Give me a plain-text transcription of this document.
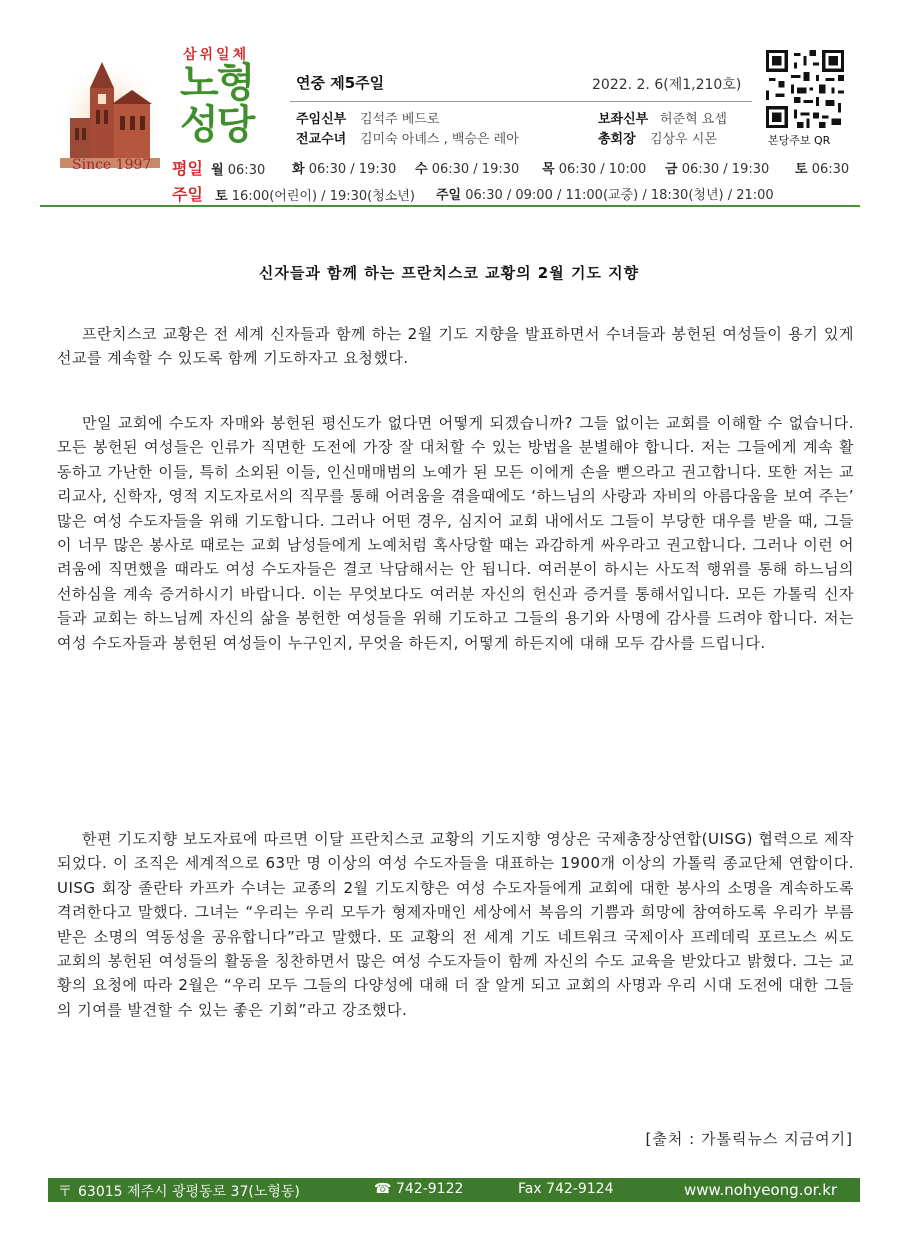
삼위일체
노형
성당
Since 1997
연중 제5주일	2022. 2. 6(제1,210호)
주임신부 김석주 베드로	보좌신부 허준혁 요셉
전교수녀 김미숙 아녜스 , 백승은 레아	총회장 김상우 시몬	본당주보 QR
평일 월 06:30 화 06:30 / 19:30 수 06:30 / 19:30 목 06:30 / 10:00 금 06:30 / 19:30 토 06:30
주일 토 16:00(어린이) / 19:30(청소년) 주일 06:30 / 09:00 / 11:00(교중) / 18:30(청년) / 21:00
신자들과 함께 하는 프란치스코 교황의 2월 기도 지향
프란치스코 교황은 전 세계 신자들과 함께 하는 2월 기도 지향을 발표하면서 수녀들과 봉헌된 여성들이 용기 있게 선교를 계속할 수 있도록 함께 기도하자고 요청했다.
만일 교회에 수도자 자매와 봉헌된 평신도가 없다면 어떻게 되겠습니까? 그들 없이는 교회를 이해할 수 없습니다. 모든 봉헌된 여성들은 인류가 직면한 도전에 가장 잘 대처할 수 있는 방법을 분별해야 합니다. 저는 그들에게 계속 활동하고 가난한 이들, 특히 소외된 이들, 인신매매범의 노예가 된 모든 이에게 손을 뻗으라고 권고합니다. 또한 저는 교리교사, 신학자, 영적 지도자로서의 직무를 통해 어려움을 겪을때에도 ‘하느님의 사랑과 자비의 아름다움을 보여 주는’ 많은 여성 수도자들을 위해 기도합니다. 그러나 어떤 경우, 심지어 교회 내에서도 그들이 부당한 대우를 받을 때, 그들이 너무 많은 봉사로 때로는 교회 남성들에게 노예처럼 혹사당할 때는 과감하게 싸우라고 권고합니다. 그러나 이런 어려움에 직면했을 때라도 여성 수도자들은 결코 낙담해서는 안 됩니다. 여러분이 하시는 사도적 행위를 통해 하느님의 선하심을 계속 증거하시기 바랍니다. 이는 무엇보다도 여러분 자신의 헌신과 증거를 통해서입니다. 모든 가톨릭 신자들과 교회는 하느님께 자신의 삶을 봉헌한 여성들을 위해 기도하고 그들의 용기와 사명에 감사를 드려야 합니다. 저는 여성 수도자들과 봉헌된 여성들이 누구인지, 무엇을 하든지, 어떻게 하든지에 대해 모두 감사를 드립니다.
한편 기도지향 보도자료에 따르면 이달 프란치스코 교황의 기도지향 영상은 국제총장상연합(UISG) 협력으로 제작되었다. 이 조직은 세계적으로 63만 명 이상의 여성 수도자들을 대표하는 1900개 이상의 가톨릭 종교단체 연합이다. UISG 회장 졸란타 카프카 수녀는 교종의 2월 기도지향은 여성 수도자들에게 교회에 대한 봉사의 소명을 계속하도록 격려한다고 말했다. 그녀는 “우리는 우리 모두가 형제자매인 세상에서 복음의 기쁨과 희망에 참여하도록 우리가 부름받은 소명의 역동성을 공유합니다”라고 말했다. 또 교황의 전 세계 기도 네트워크 국제이사 프레데릭 포르노스 씨도 교회의 봉헌된 여성들의 활동을 칭찬하면서 많은 여성 수도자들이 함께 자신의 수도 교육을 받았다고 밝혔다. 그는 교황의 요청에 따라 2월은 “우리 모두 그들의 다양성에 대해 더 잘 알게 되고 교회의 사명과 우리 시대 도전에 대한 그들의 기여를 발견할 수 있는 좋은 기회”라고 강조했다.
[출처 : 가톨릭뉴스 지금여기]
〒 63015 제주시 광평동로 37(노형동)	☎ 742-9122	Fax 742-9124	www.nohyeong.or.kr
